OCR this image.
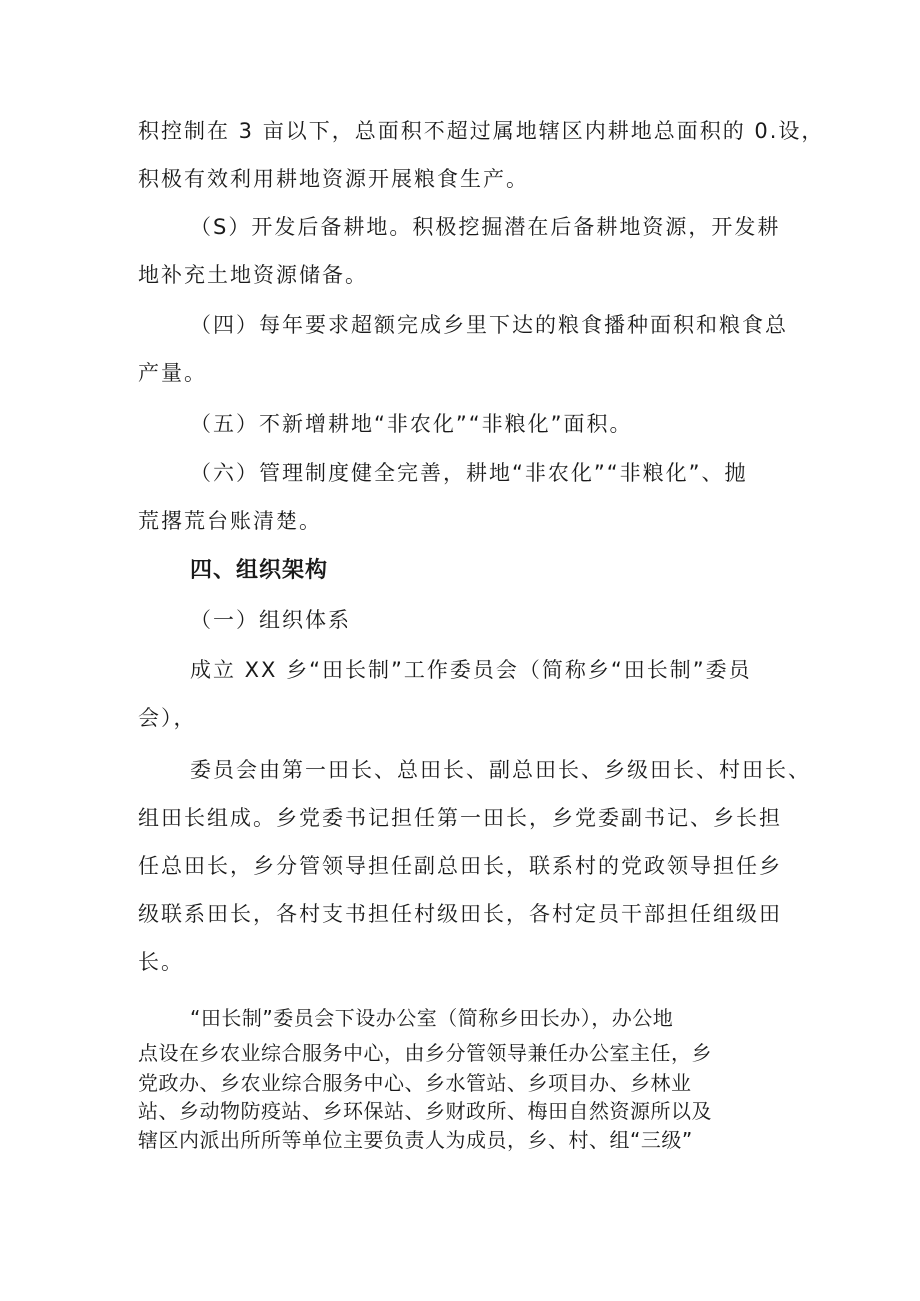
积控制在 3 亩以下，总面积不超过属地辖区内耕地总面积的 0.设，
积极有效利用耕地资源开展粮食生产。
（S）开发后备耕地。积极挖掘潜在后备耕地资源，开发耕
地补充土地资源储备。
（四）每年要求超额完成乡里下达的粮食播种面积和粮食总
产量。
（五）不新增耕地“非农化”“非粮化”面积。
（六）管理制度健全完善，耕地“非农化”“非粮化”、抛
荒撂荒台账清楚。
四、组织架构
（一）组织体系
成立 XX 乡“田长制”工作委员会（简称乡“田长制”委员
会），
委员会由第一田长、总田长、副总田长、乡级田长、村田长、
组田长组成。乡党委书记担任第一田长，乡党委副书记、乡长担
任总田长，乡分管领导担任副总田长，联系村的党政领导担任乡
级联系田长，各村支书担任村级田长，各村定员干部担任组级田
长。
“田长制”委员会下设办公室（简称乡田长办），办公地
点设在乡农业综合服务中心，由乡分管领导兼任办公室主任，乡
党政办、乡农业综合服务中心、乡水管站、乡项目办、乡林业
站、乡动物防疫站、乡环保站、乡财政所、梅田自然资源所以及
辖区内派出所所等单位主要负责人为成员，乡、村、组“三级”
